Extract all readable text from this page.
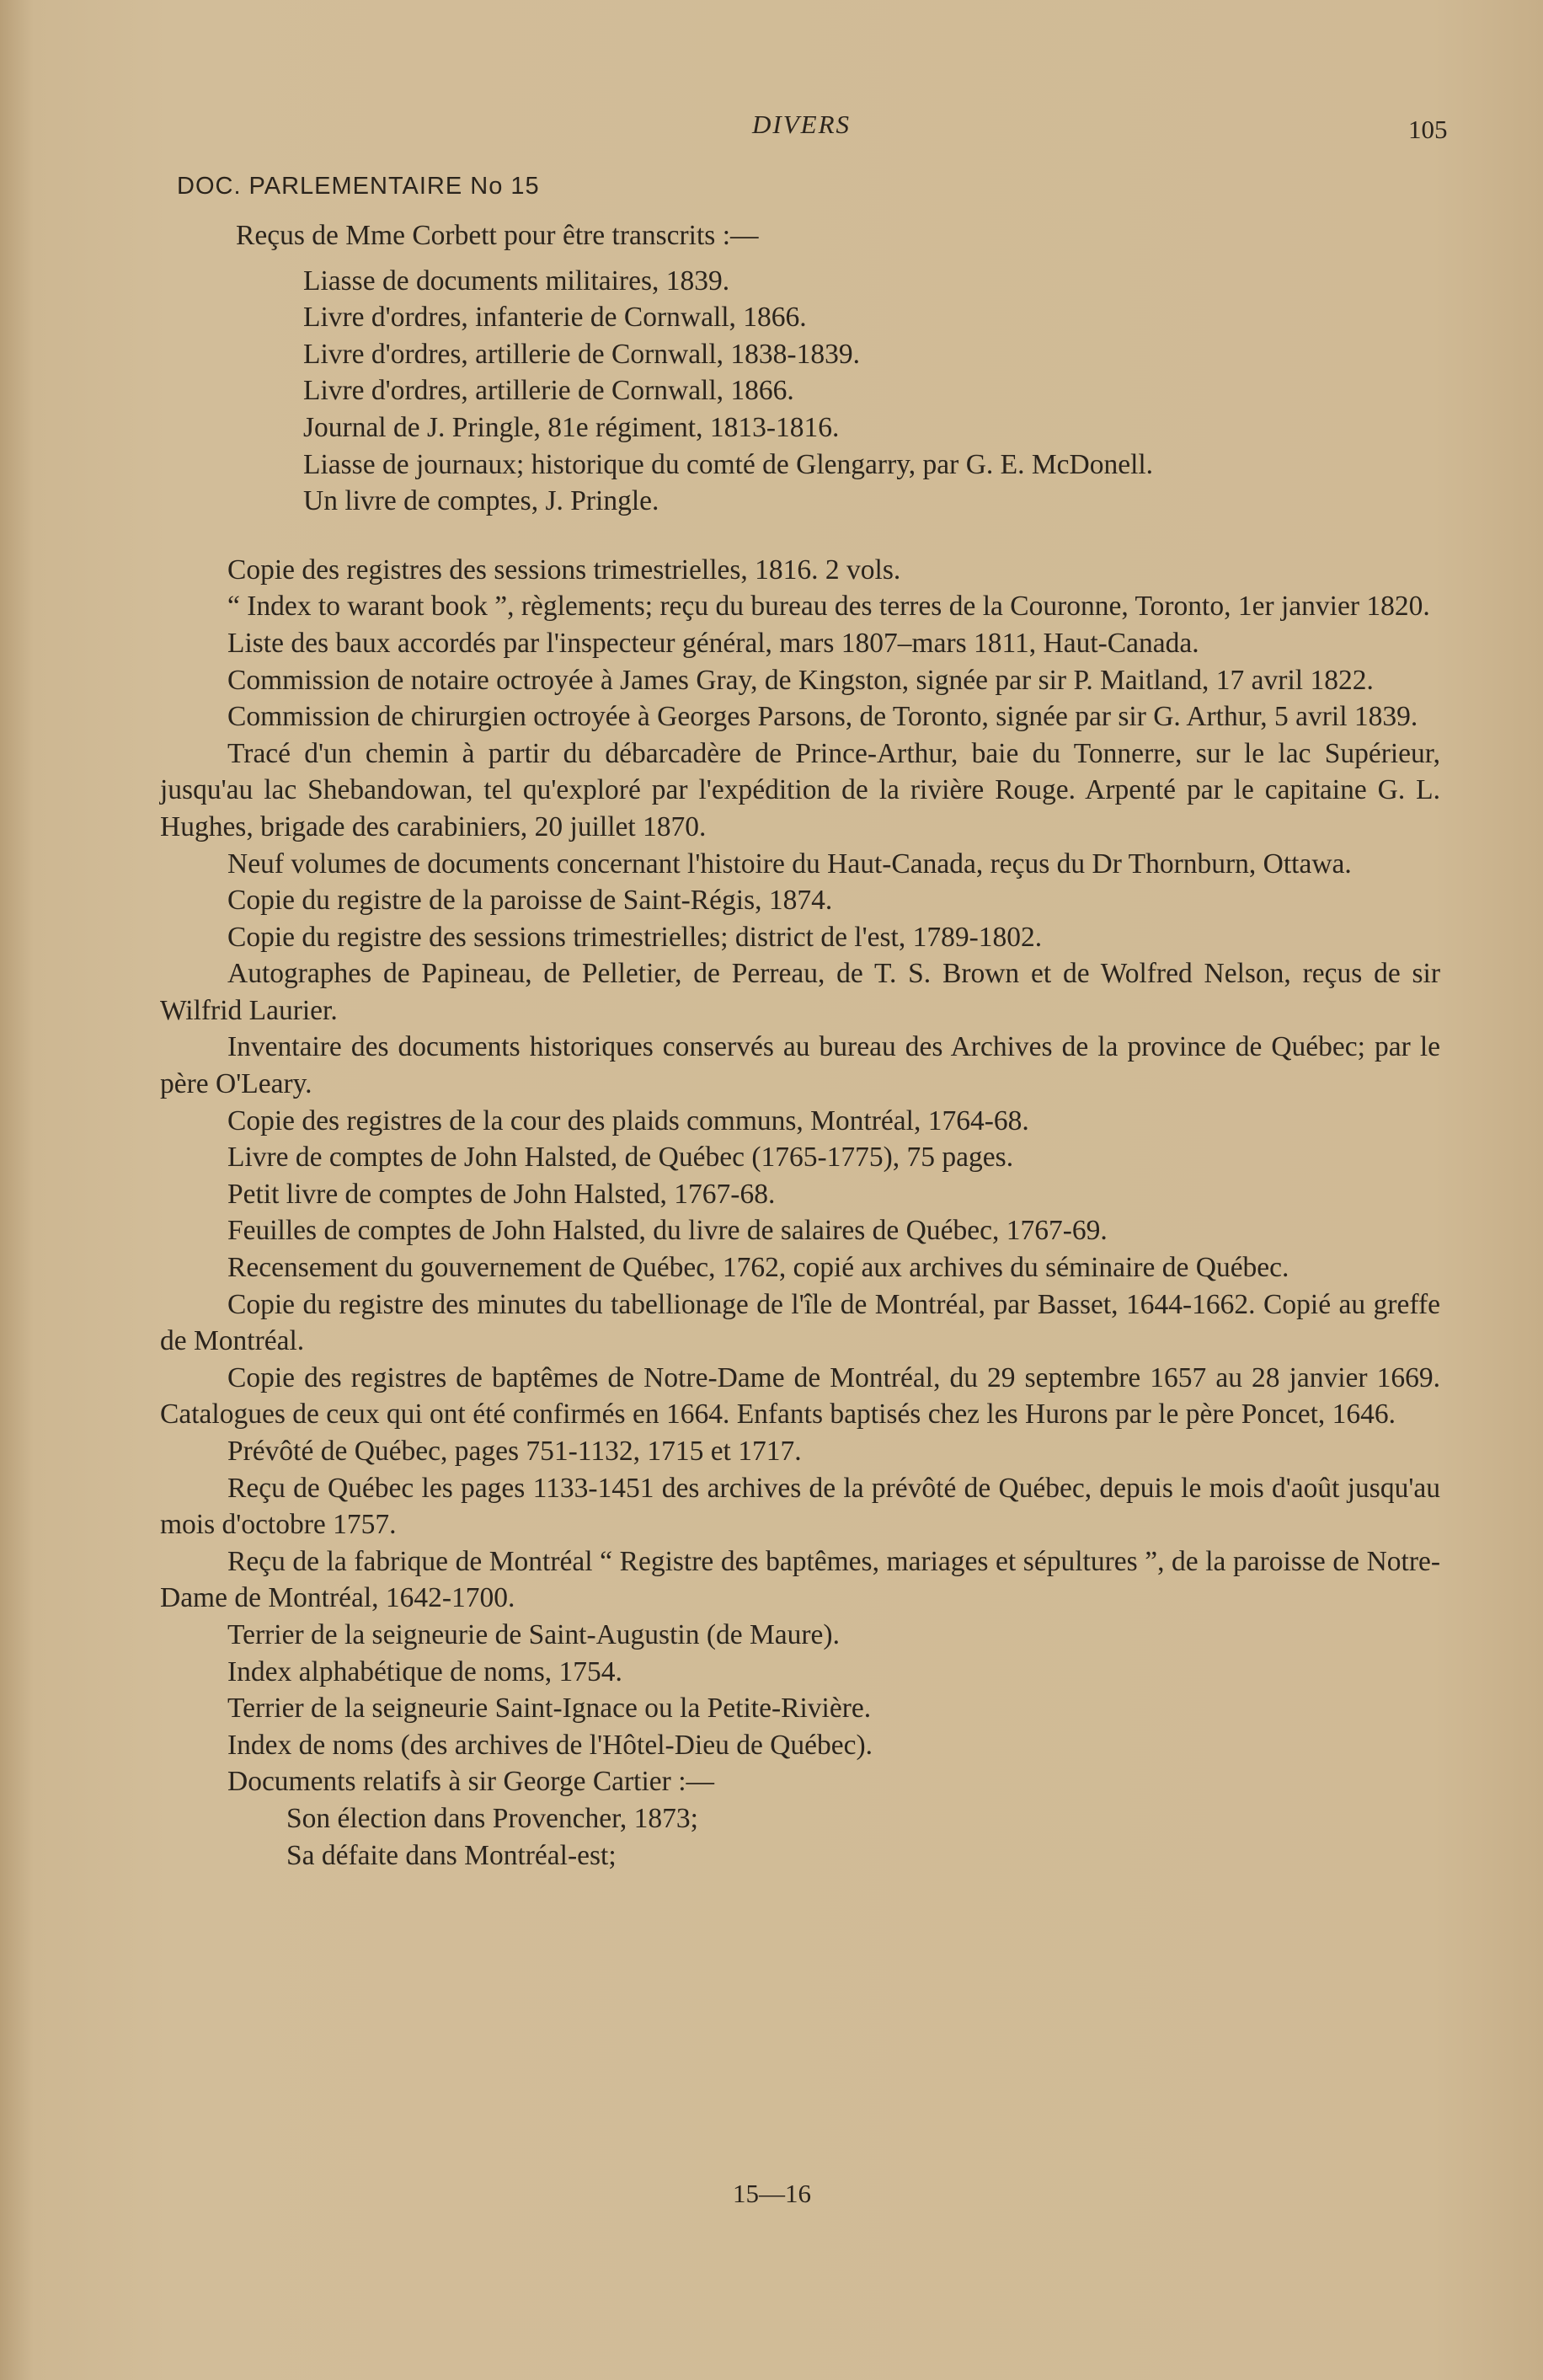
DIVERS	105
DOC. PARLEMENTAIRE No 15

Reçus de Mme Corbett pour être transcrits :—

Liasse de documents militaires, 1839.
Livre d'ordres, infanterie de Cornwall, 1866.
Livre d'ordres, artillerie de Cornwall, 1838-1839.
Livre d'ordres, artillerie de Cornwall, 1866.
Journal de J. Pringle, 81e régiment, 1813-1816.
Liasse de journaux; historique du comté de Glengarry, par G. E. McDonell.
Un livre de comptes, J. Pringle.

Copie des registres des sessions trimestrielles, 1816. 2 vols.

“ Index to warant book ”, règlements; reçu du bureau des terres de la Couronne, Toronto, 1er janvier 1820.

Liste des baux accordés par l'inspecteur général, mars 1807–mars 1811, Haut-Canada.

Commission de notaire octroyée à James Gray, de Kingston, signée par sir P. Maitland, 17 avril 1822.

Commission de chirurgien octroyée à Georges Parsons, de Toronto, signée par sir G. Arthur, 5 avril 1839.

Tracé d'un chemin à partir du débarcadère de Prince-Arthur, baie du Tonnerre, sur le lac Supérieur, jusqu'au lac Shebandowan, tel qu'exploré par l'expédition de la rivière Rouge. Arpenté par le capitaine G. L. Hughes, brigade des carabiniers, 20 juillet 1870.

Neuf volumes de documents concernant l'histoire du Haut-Canada, reçus du Dr Thornburn, Ottawa.

Copie du registre de la paroisse de Saint-Régis, 1874.

Copie du registre des sessions trimestrielles; district de l'est, 1789-1802.

Autographes de Papineau, de Pelletier, de Perreau, de T. S. Brown et de Wolfred Nelson, reçus de sir Wilfrid Laurier.

Inventaire des documents historiques conservés au bureau des Archives de la province de Québec; par le père O'Leary.

Copie des registres de la cour des plaids communs, Montréal, 1764-68.

Livre de comptes de John Halsted, de Québec (1765-1775), 75 pages.

Petit livre de comptes de John Halsted, 1767-68.

Feuilles de comptes de John Halsted, du livre de salaires de Québec, 1767-69.

Recensement du gouvernement de Québec, 1762, copié aux archives du séminaire de Québec.

Copie du registre des minutes du tabellionage de l'île de Montréal, par Basset, 1644-1662. Copié au greffe de Montréal.

Copie des registres de baptêmes de Notre-Dame de Montréal, du 29 septembre 1657 au 28 janvier 1669. Catalogues de ceux qui ont été confirmés en 1664. Enfants baptisés chez les Hurons par le père Poncet, 1646.

Prévôté de Québec, pages 751-1132, 1715 et 1717.

Reçu de Québec les pages 1133-1451 des archives de la prévôté de Québec, depuis le mois d'août jusqu'au mois d'octobre 1757.

Reçu de la fabrique de Montréal “ Registre des baptêmes, mariages et sépultures ”, de la paroisse de Notre-Dame de Montréal, 1642-1700.

Terrier de la seigneurie de Saint-Augustin (de Maure).

Index alphabétique de noms, 1754.

Terrier de la seigneurie Saint-Ignace ou la Petite-Rivière.

Index de noms (des archives de l'Hôtel-Dieu de Québec).

Documents relatifs à sir George Cartier :—

Son élection dans Provencher, 1873;
Sa défaite dans Montréal-est;
15—16
